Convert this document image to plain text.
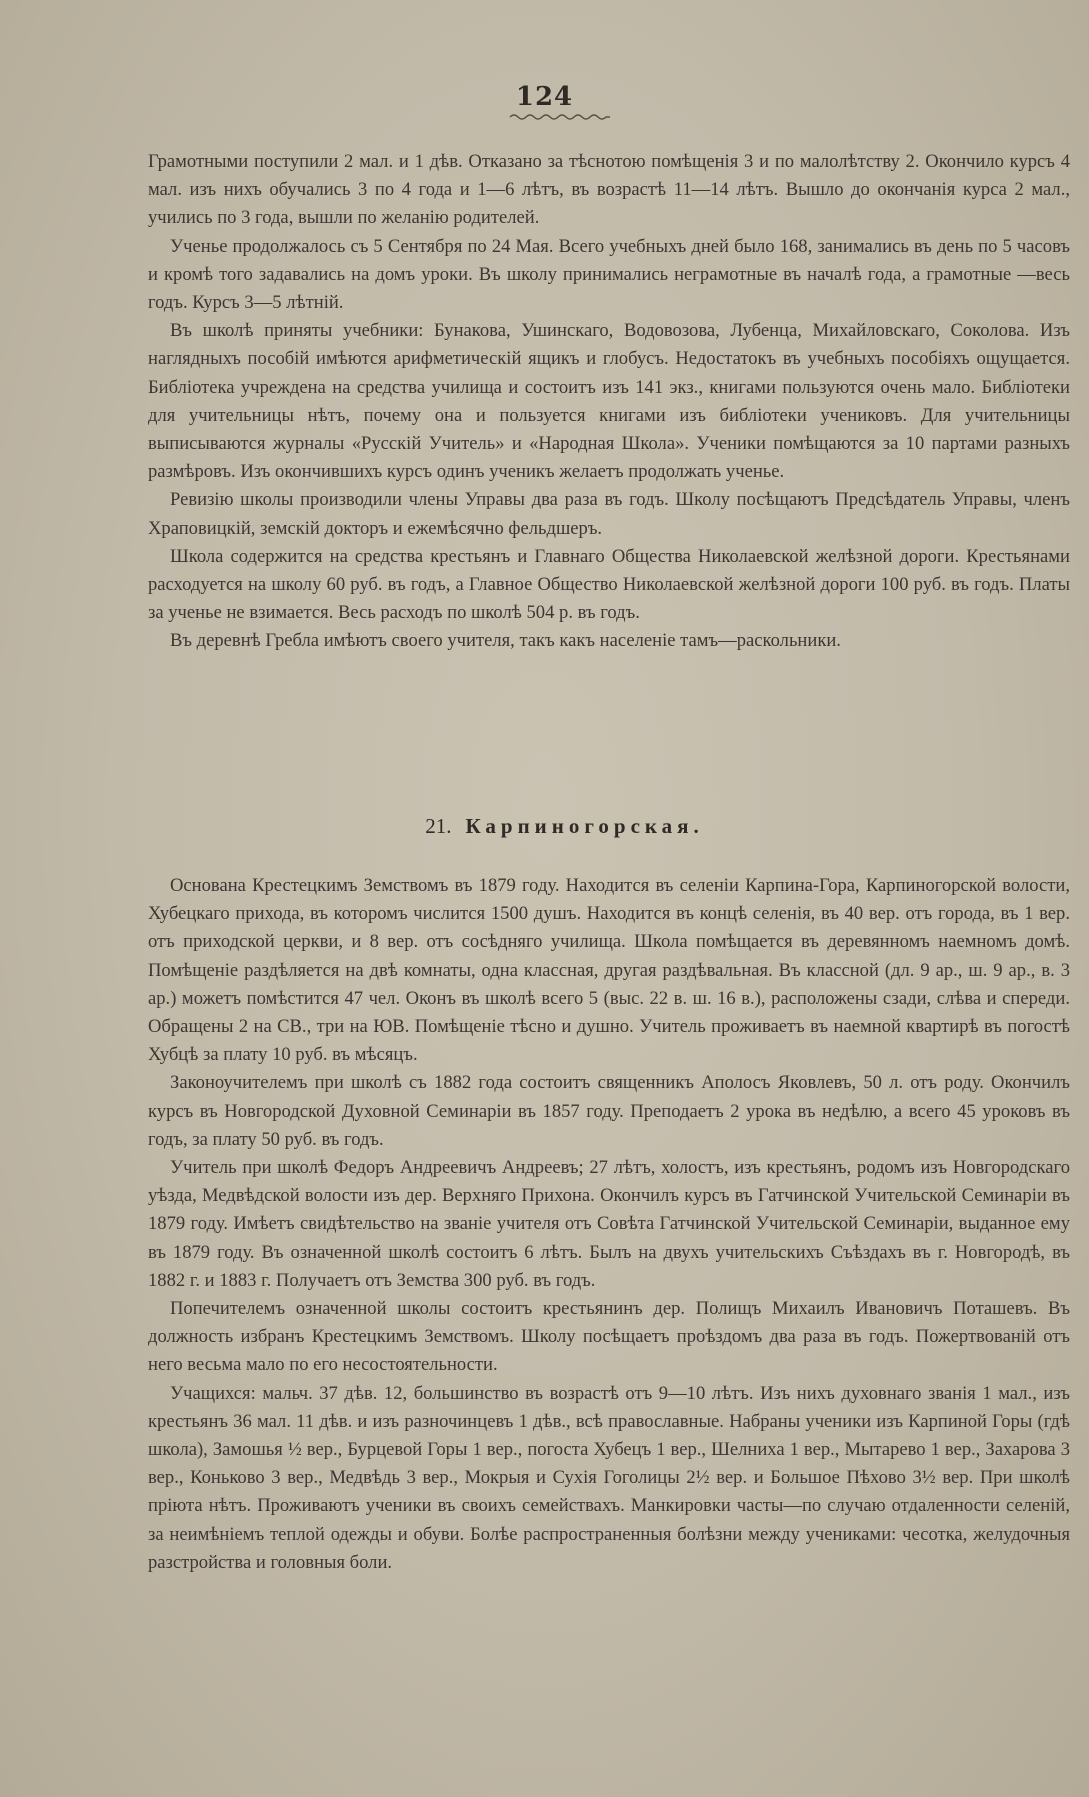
124

Грамотными поступили 2 мал. и 1 дѣв. Отказано за тѣснотою помѣщенія 3 и по малолѣтству 2. Окончило курсъ 4 мал. изъ нихъ обучались 3 по 4 года и 1—6 лѣтъ, въ возрастѣ 11—14 лѣтъ. Вышло до окончанія курса 2 мал., учились по 3 года, вышли по желанію родителей.

Ученье продолжалось съ 5 Сентября по 24 Мая. Всего учебныхъ дней было 168, занимались въ день по 5 часовъ и кромѣ того задавались на домъ уроки. Въ школу принимались неграмотные въ началѣ года, а грамотные —весь годъ. Курсъ 3—5 лѣтній.

Въ школѣ приняты учебники: Бунакова, Ушинскаго, Водовозова, Лубенца, Михайловскаго, Соколова. Изъ наглядныхъ пособій имѣются арифметическій ящикъ и глобусъ. Недостатокъ въ учебныхъ пособіяхъ ощущается. Библіотека учреждена на средства училища и состоитъ изъ 141 экз., книгами пользуются очень мало. Библіотеки для учительницы нѣтъ, почему она и пользуется книгами изъ библіотеки учениковъ. Для учительницы выписываются журналы «Русскій Учитель» и «Народная Школа». Ученики помѣщаются за 10 партами разныхъ размѣровъ. Изъ окончившихъ курсъ одинъ ученикъ желаетъ продолжать ученье.

Ревизію школы производили члены Управы два раза въ годъ. Школу посѣщаютъ Предсѣдатель Управы, членъ Храповицкій, земскій докторъ и ежемѣсячно фельдшеръ.

Школа содержится на средства крестьянъ и Главнаго Общества Николаевской желѣзной дороги. Крестьянами расходуется на школу 60 руб. въ годъ, а Главное Общество Николаевской желѣзной дороги 100 руб. въ годъ. Платы за ученье не взимается. Весь расходъ по школѣ 504 р. въ годъ.

Въ деревнѣ Гребла имѣютъ своего учителя, такъ какъ населеніе тамъ—раскольники.

21. Карпиногорская.

Основана Крестецкимъ Земствомъ въ 1879 году. Находится въ селеніи Карпина-Гора, Карпиногорской волости, Хубецкаго прихода, въ которомъ числится 1500 душъ. Находится въ концѣ селенія, въ 40 вер. отъ города, въ 1 вер. отъ приходской церкви, и 8 вер. отъ сосѣдняго училища. Школа помѣщается въ деревянномъ наемномъ домѣ. Помѣщеніе раздѣляется на двѣ комнаты, одна классная, другая раздѣвальная. Въ классной (дл. 9 ар., ш. 9 ар., в. 3 ар.) можетъ помѣстится 47 чел. Оконъ въ школѣ всего 5 (выс. 22 в. ш. 16 в.), расположены сзади, слѣва и спереди. Обращены 2 на СВ., три на ЮВ. Помѣщеніе тѣсно и душно. Учитель проживаетъ въ наемной квартирѣ въ погостѣ Хубцѣ за плату 10 руб. въ мѣсяцъ.

Законоучителемъ при школѣ съ 1882 года состоитъ священникъ Аполосъ Яковлевъ, 50 л. отъ роду. Окончилъ курсъ въ Новгородской Духовной Семинаріи въ 1857 году. Преподаетъ 2 урока въ недѣлю, а всего 45 уроковъ въ годъ, за плату 50 руб. въ годъ.

Учитель при школѣ Федоръ Андреевичъ Андреевъ; 27 лѣтъ, холостъ, изъ крестьянъ, родомъ изъ Новгородскаго уѣзда, Медвѣдской волости изъ дер. Верхняго Прихона. Окончилъ курсъ въ Гатчинской Учительской Семинаріи въ 1879 году. Имѣетъ свидѣтельство на званіе учителя отъ Совѣта Гатчинской Учительской Семинаріи, выданное ему въ 1879 году. Въ означенной школѣ состоитъ 6 лѣтъ. Былъ на двухъ учительскихъ Съѣздахъ въ г. Новгородѣ, въ 1882 г. и 1883 г. Получаетъ отъ Земства 300 руб. въ годъ.

Попечителемъ означенной школы состоитъ крестьянинъ дер. Полищъ Михаилъ Ивановичъ Поташевъ. Въ должность избранъ Крестецкимъ Земствомъ. Школу посѣщаетъ проѣздомъ два раза въ годъ. Пожертвованій отъ него весьма мало по его несостоятельности.

Учащихся: мальч. 37 дѣв. 12, большинство въ возрастѣ отъ 9—10 лѣтъ. Изъ нихъ духовнаго званія 1 мал., изъ крестьянъ 36 мал. 11 дѣв. и изъ разночинцевъ 1 дѣв., всѣ православные. Набраны ученики изъ Карпиной Горы (гдѣ школа), Замошья ½ вер., Бурцевой Горы 1 вер., погоста Хубецъ 1 вер., Шелниха 1 вер., Мытарево 1 вер., Захарова 3 вер., Коньково 3 вер., Медвѣдь 3 вер., Мокрыя и Сухія Гоголицы 2½ вер. и Большое Пѣхово 3½ вер. При школѣ пріюта нѣтъ. Проживаютъ ученики въ своихъ семействахъ. Манкировки часты—по случаю отдаленности селеній, за неимѣніемъ теплой одежды и обуви. Болѣе распространенныя болѣзни между учениками: чесотка, желудочныя разстройства и головныя боли.
